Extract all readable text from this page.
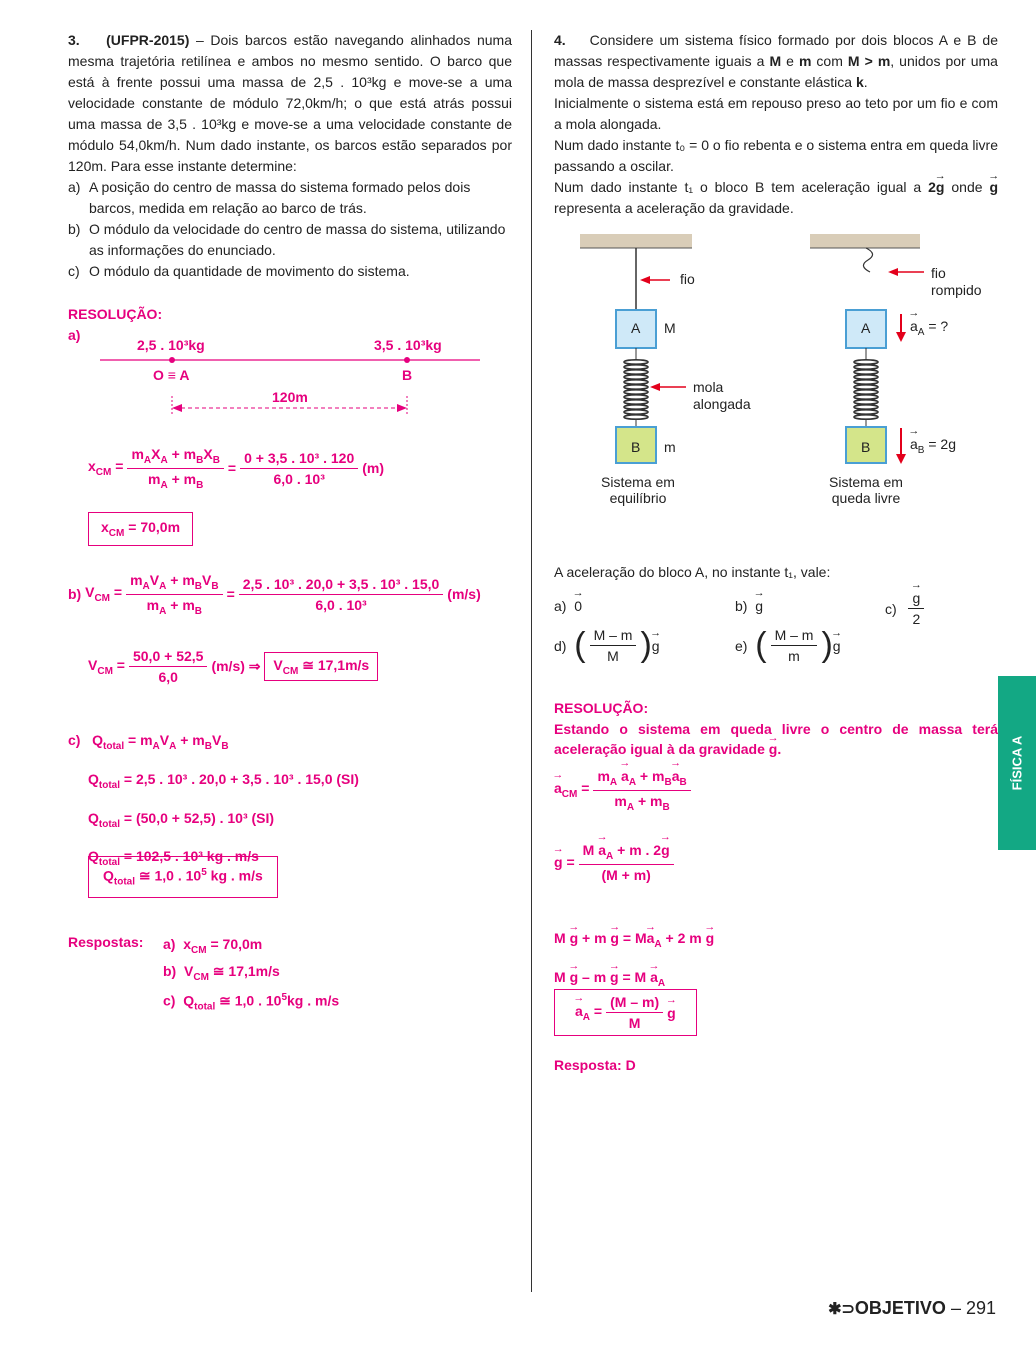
3. (UFPR-2015) – Dois barcos estão navegando alinhados numa mesma trajetória retilínea e ambos no mesmo sentido. O barco que está à frente possui uma massa de 2,5 . 10³kg e move-se a uma velocidade constante de módulo 72,0km/h; o que está atrás possui uma massa de 3,5 . 10³kg e move-se a uma velocidade constante de módulo 54,0km/h. Num dado instante, os barcos estão separados por 120m. Para esse instante determine:

a) A posição do centro de massa do sistema formado pelos dois barcos, medida em relação ao barco de trás.
b) O módulo da velocidade do centro de massa do sistema, utilizando as informações do enunciado.
c) O módulo da quantidade de movimento do sistema.
RESOLUÇÃO:
a)
2,5 . 10³kg	3,5 . 10³kg
O ≡ A	B
120m
$x_{CM} = \frac{m_AX_A + m_BX_B}{m_A + m_B} = \frac{\text{0 + 3,5 . 10³ . 120}}{\text{6,0 . 10³}} (m)$
$x_{CM} = 70,0m$
b)
$V_{CM} = \frac{m_AV_A + m_BV_B}{m_A + m_B} = \frac{\text{2,5 . 10³ . 20,0 + 3,5 . 10³ . 15,0}}{\text{6,0 . 10³}} (m/s)$
$V_{CM} = \frac{50,0 + 52,5}{6,0} (m/s)$ ⇒
$V_{CM}$ ≅ 17,1m/s
c)   $Q_{total} = m_AV_A + m_BV_B$
$Q_{total} = 2,5$ . 10³ . 20,0 + 3,5 . 10³ . 15,0 (SI)
$Q_{total} = (50,0 + 52,5)$ . 10³ (SI)
$Q_{total} = 102,5$ . 10³ kg . m/s
$Q_{total}$ ≅ 1,0 . $10^5$ kg . m/s
Respostas: a)  $x_{CM} = 70,0m$
b)  $V_{CM}$ ≅ 17,1m/s
c)  $Q_{total}$ ≅ 1,0 . $10^5kg$ . m/s

4. Considere um sistema físico formado por dois blocos A e B de massas respectivamente iguais a M e m com M > m, unidos por uma mola de massa desprezível e constante elástica k.

Inicialmente o sistema está em repouso preso ao teto por um fio e com a mola alongada.

Num dado instante t₀ = 0 o fio rebenta e o sistema entra em queda livre passando a oscilar.

Num dado instante t₁ o bloco B tem aceleração igual a 2→ g onde → g representa a aceleração da gravidade.

fio	fio
rompido
A M	A
mola
alongada
B m	B
→ $a_A$ = ?
→ $a_B = 2g$
Sistema em
equilíbrio
Sistema em
queda livre
A aceleração do bloco A, no instante t₁, vale:
a)  → 0	b)  → g	c)

→ $\frac{g}{2}$
d)
( $\frac{M - m}{M}$ )
→ g	e)
( $\frac{M - m}{m}$ )
→ g
RESOLUÇÃO:
Estando o sistema em queda livre o centro de massa terá aceleração igual à da gravidade → g.
→ $a_{CM} = \frac{m_A \to a_A + m_B\to a_B}{m_A + m_B}$
→ $g = \frac{M \to a_A + m . 2\to g}{(M + m)}$
$M \to g + m \to g = M\to a_A + 2$ m → g
$M \to g - m \to g = M \to a_A$
→ $a_A = \frac{(M - m)}{M}$
→ g
Resposta: D
FÍSICA A
✱⊃OBJETIVO – 291
